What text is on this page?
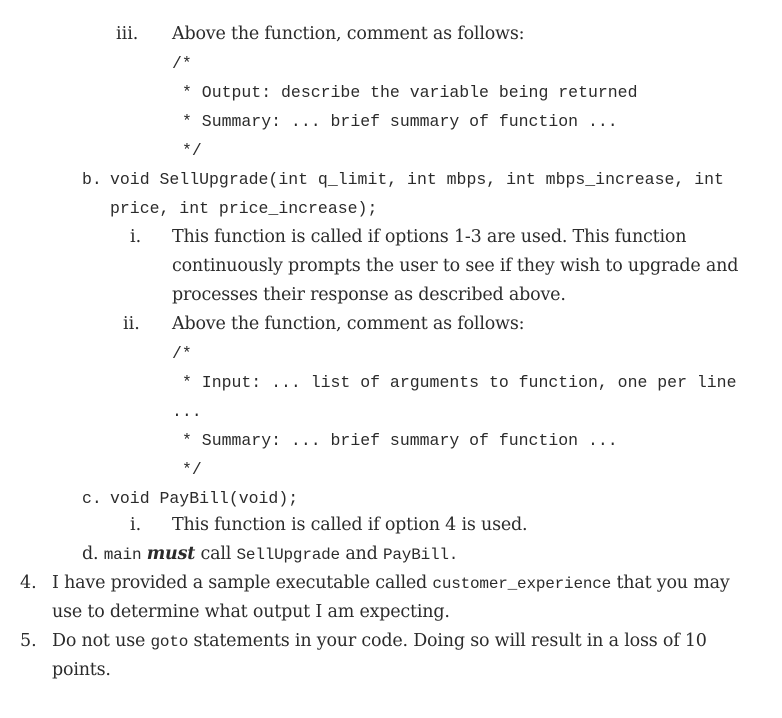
iii. Above the function, comment as follows:
/*
* Output: describe the variable being returned
* Summary: ... brief summary of function ...
*/
b. void SellUpgrade(int q_limit, int mbps, int mbps_increase, int
price, int price_increase);
i. This function is called if options 1-3 are used. This function
continuously prompts the user to see if they wish to upgrade and
processes their response as described above.
ii. Above the function, comment as follows:
/*
* Input: ... list of arguments to function, one per line
...
* Summary: ... brief summary of function ...
*/
c. void PayBill(void);
i. This function is called if option 4 is used.
d. main must call SellUpgrade and PayBill.
4. I have provided a sample executable called customer_experience that you may
use to determine what output I am expecting.
5. Do not use goto statements in your code. Doing so will result in a loss of 10
points.
